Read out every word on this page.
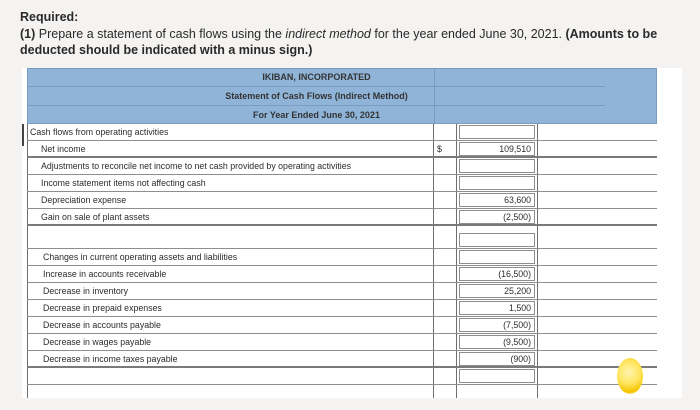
Required:
(1) Prepare a statement of cash flows using the indirect method for the year ended June 30, 2021. (Amounts to be deducted should be indicated with a minus sign.)
IKIBAN, INCORPORATED
Statement of Cash Flows (Indirect Method)
For Year Ended June 30, 2021
Cash flows from operating activities
Net income	$	109,510
Adjustments to reconcile net income to net cash provided by operating activities
Income statement items not affecting cash
Depreciation expense	63,600
Gain on sale of plant assets	(2,500)
Changes in current operating assets and liabilities
Increase in accounts receivable	(16,500)
Decrease in inventory	25,200
Decrease in prepaid expenses	1,500
Decrease in accounts payable	(7,500)
Decrease in wages payable	(9,500)
Decrease in income taxes payable	(900)
